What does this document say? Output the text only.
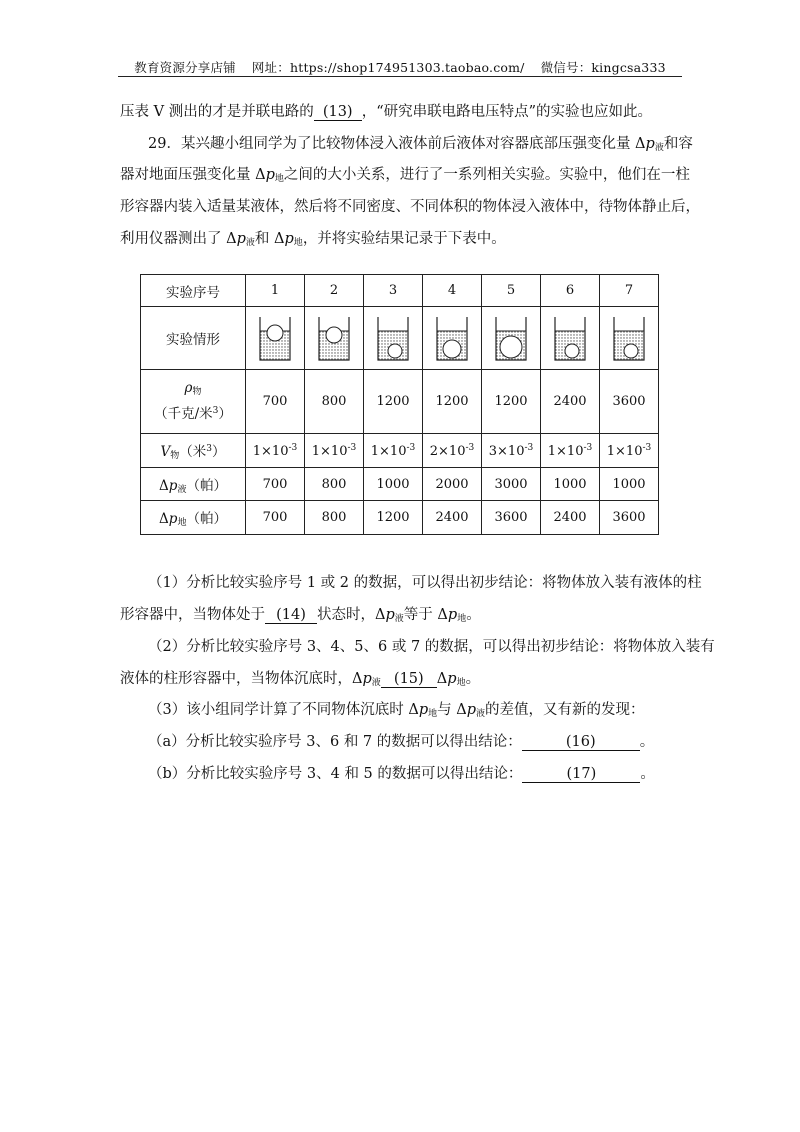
教育资源分享店铺 网址：https://shop174951303.taobao.com/ 微信号：kingcsa333
压表 V 测出的才是并联电路的 (13) ，“研究串联电路电压特点”的实验也应如此。
29．某兴趣小组同学为了比较物体浸入液体前后液体对容器底部压强变化量 $\Delta p_液$和容
器对地面压强变化量 $\Delta p_地$之间的大小关系，进行了一系列相关实验。实验中，他们在一柱
形容器内装入适量某液体，然后将不同密度、不同体积的物体浸入液体中，待物体静止后，
利用仪器测出了 $\Delta p_液$和 $\Delta p_地$，并将实验结果记录于下表中。
实验序号	1	2	3	4	5	6	7
实验情形	

$\rho_物$
（千克/米$^3$）	700	800	1200	1200	1200	2400	3600
$V_物$（米$^3$）	$1\times 10^{-3}$	$1\times 10^{-3}$	$1\times 10^{-3}$	$2\times 10^{-3}$	$3\times 10^{-3}$	$1\times 10^{-3}$	$1\times 10^{-3}$
$\Delta p_液$（帕）	700	800	1000	2000	3000	1000	1000
$\Delta p_地$（帕）	700	800	1200	2400	3600	2400	3600
（1）分析比较实验序号 1 或 2 的数据，可以得出初步结论：将物体放入装有液体的柱
形容器中，当物体处于 (14) 状态时，$\Delta p_液$等于 $\Delta p_地$。
（2）分析比较实验序号 3、4、5、6 或 7 的数据，可以得出初步结论：将物体放入装有
液体的柱形容器中，当物体沉底时，$\Delta p_液$ (15) $\Delta p_地$。
（3）该小组同学计算了不同物体沉底时 $\Delta p_地$与 $\Delta p_液$的差值，又有新的发现：
（a）分析比较实验序号 3、6 和 7 的数据可以得出结论：	(16)	。
（b）分析比较实验序号 3、4 和 5 的数据可以得出结论：	(17)	。
